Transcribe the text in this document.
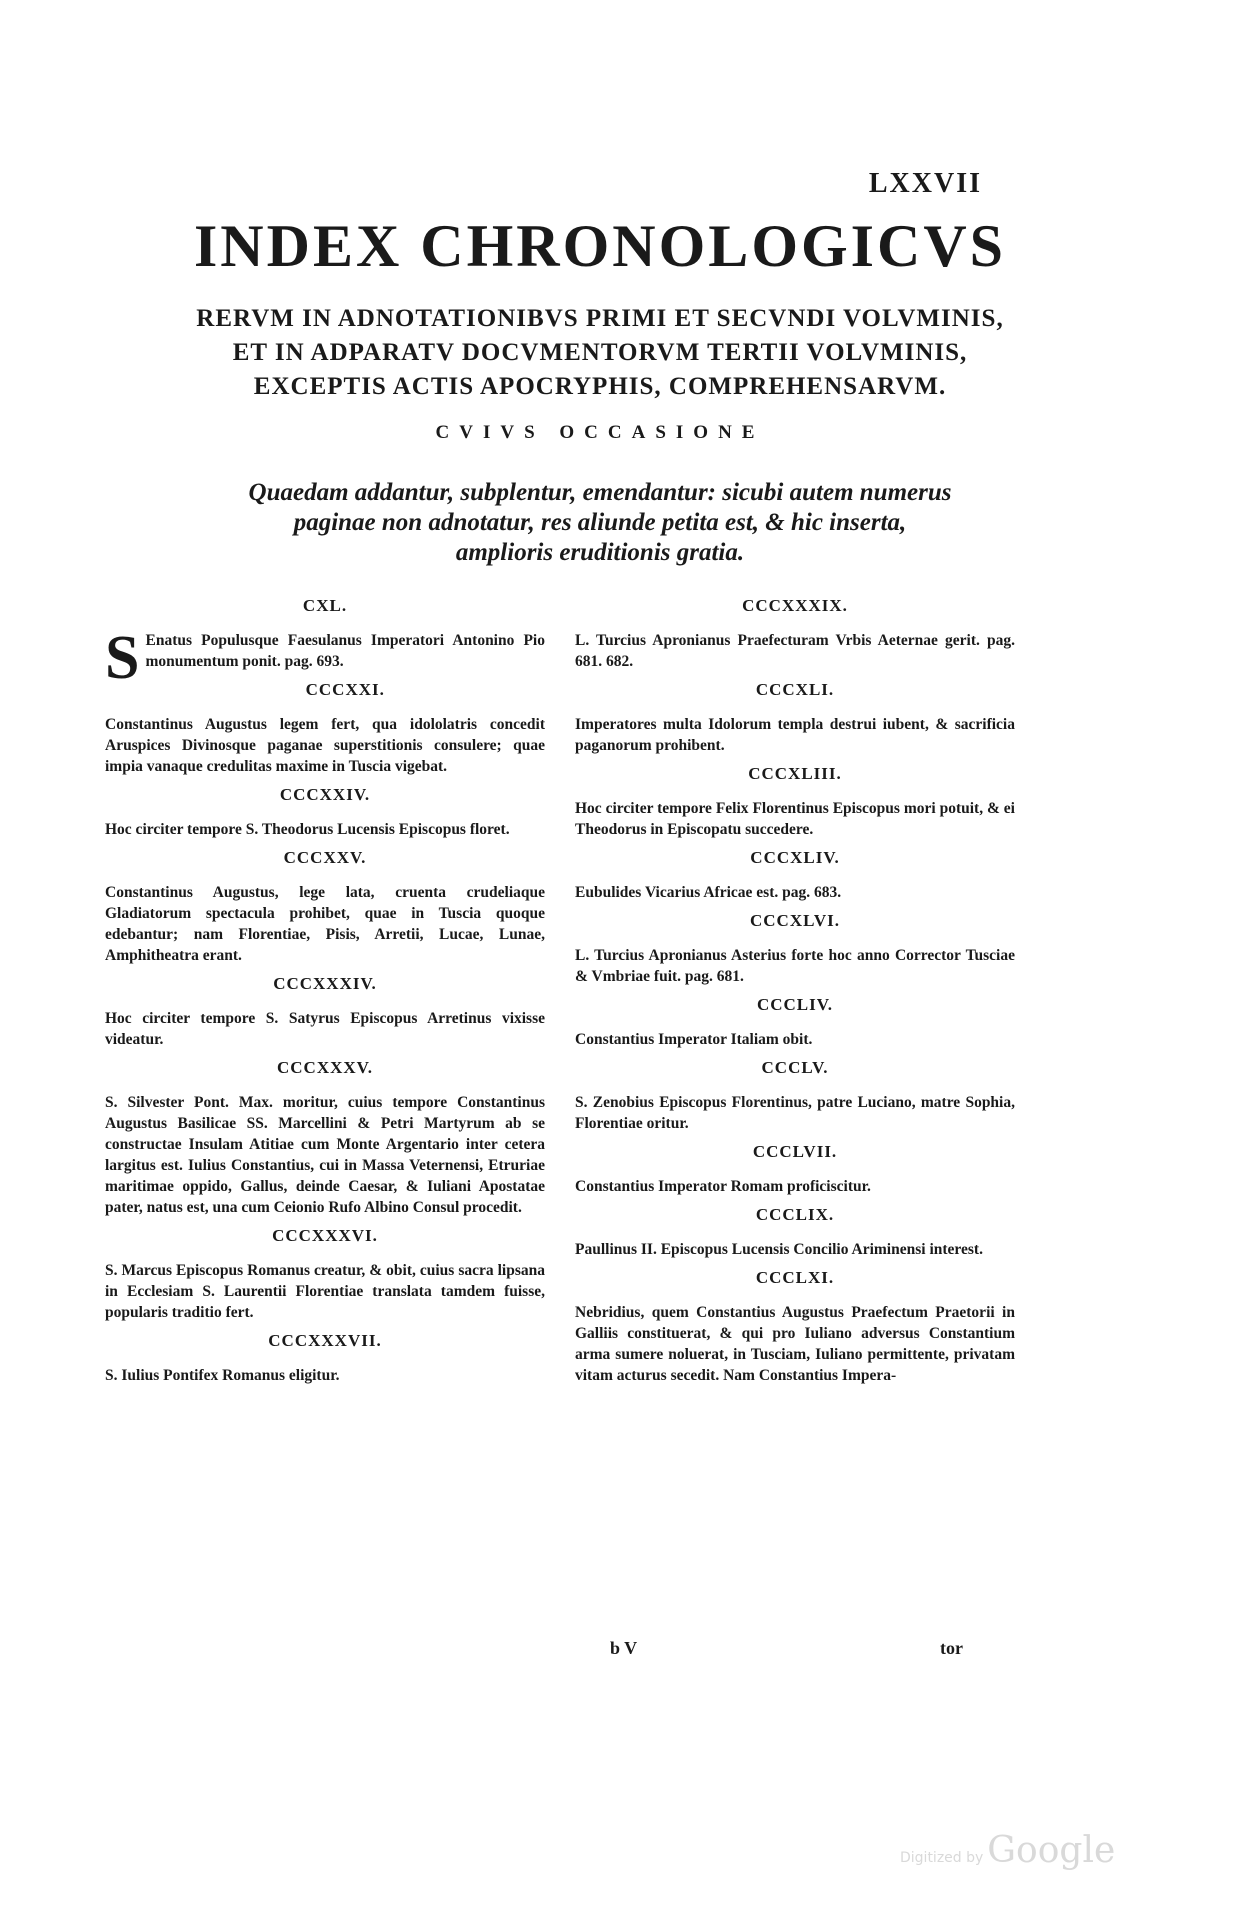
LXXVII
INDEX CHRONOLOGICVS
RERVM IN ADNOTATIONIBVS PRIMI ET SECVNDI VOLVMINIS,
ET IN ADPARATV DOCVMENTORVM TERTII VOLVMINIS,
EXCEPTIS ACTIS APOCRYPHIS, COMPREHENSARVM.
CVIVS OCCASIONE
Quaedam addantur, subplentur, emendantur: sicubi autem numerus
paginae non adnotatur, res aliunde petita est, & hic inserta,
amplioris eruditionis gratia.
CXL.
S Enatus Populusque Faesulanus Imperatori Antonino Pio monumentum ponit. pag. 693.
CCCXXI.
Constantinus Augustus legem fert, qua idololatris concedit Aruspices Divinosque paganae superstitionis consulere; quae impia vanaque credulitas maxime in Tuscia vigebat.
CCCXXIV.
Hoc circiter tempore S. Theodorus Lucensis Episcopus floret.
CCCXXV.
Constantinus Augustus, lege lata, cruenta crudeliaque Gladiatorum spectacula prohibet, quae in Tuscia quoque edebantur; nam Florentiae, Pisis, Arretii, Lucae, Lunae, Amphitheatra erant.
CCCXXXIV.
Hoc circiter tempore S. Satyrus Episcopus Arretinus vixisse videatur.
CCCXXXV.
S. Silvester Pont. Max. moritur, cuius tempore Constantinus Augustus Basilicae SS. Marcellini & Petri Martyrum ab se constructae Insulam Atitiae cum Monte Argentario inter cetera largitus est. Iulius Constantius, cui in Massa Veternensi, Etruriae maritimae oppido, Gallus, deinde Caesar, & Iuliani Apostatae pater, natus est, una cum Ceionio Rufo Albino Consul procedit.
CCCXXXVI.
S. Marcus Episcopus Romanus creatur, & obit, cuius sacra lipsana in Ecclesiam S. Laurentii Florentiae translata tamdem fuisse, popularis traditio fert.
CCCXXXVII.
S. Iulius Pontifex Romanus eligitur.
CCCXXXIX.
L. Turcius Apronianus Praefecturam Vrbis Aeternae gerit. pag. 681. 682.
CCCXLI.
Imperatores multa Idolorum templa destrui iubent, & sacrificia paganorum prohibent.
CCCXLIII.
Hoc circiter tempore Felix Florentinus Episcopus mori potuit, & ei Theodorus in Episcopatu succedere.
CCCXLIV.
Eubulides Vicarius Africae est. pag. 683.
CCCXLVI.
L. Turcius Apronianus Asterius forte hoc anno Corrector Tusciae & Vmbriae fuit. pag. 681.
CCCLIV.
Constantius Imperator Italiam obit.
CCCLV.
S. Zenobius Episcopus Florentinus, patre Luciano, matre Sophia, Florentiae oritur.
CCCLVII.
Constantius Imperator Romam proficiscitur.
CCCLIX.
Paullinus II. Episcopus Lucensis Concilio Ariminensi interest.
CCCLXI.
Nebridius, quem Constantius Augustus Praefectum Praetorii in Galliis constituerat, & qui pro Iuliano adversus Constantium arma sumere noluerat, in Tusciam, Iuliano permittente, privatam vitam acturus secedit. Nam Constantius Impera-
b V	tor
Digitized by Google
